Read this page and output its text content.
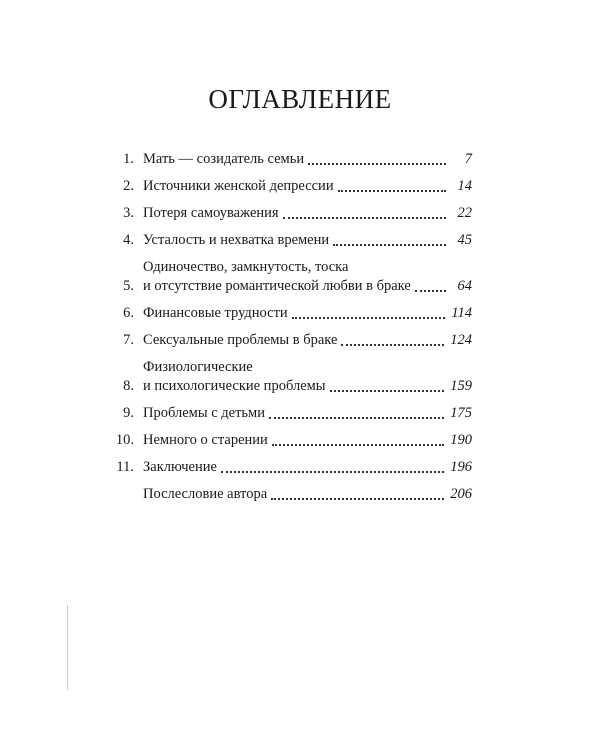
ОГЛАВЛЕНИЕ
1. Мать — созидатель семьи	7
2. Источники женской депрессии	14
3. Потеря самоуважения	22
4. Усталость и нехватка времени	45
5.
Одиночество, замкнутость, тоска
и отсутствие романтической любви в браке	64
6. Финансовые трудности	114
7. Сексуальные проблемы в браке	124
8.
Физиологические
и психологические проблемы	159
9. Проблемы с детьми	175
10. Немного о старении	190
11. Заключение	196
Послесловие автора	206
